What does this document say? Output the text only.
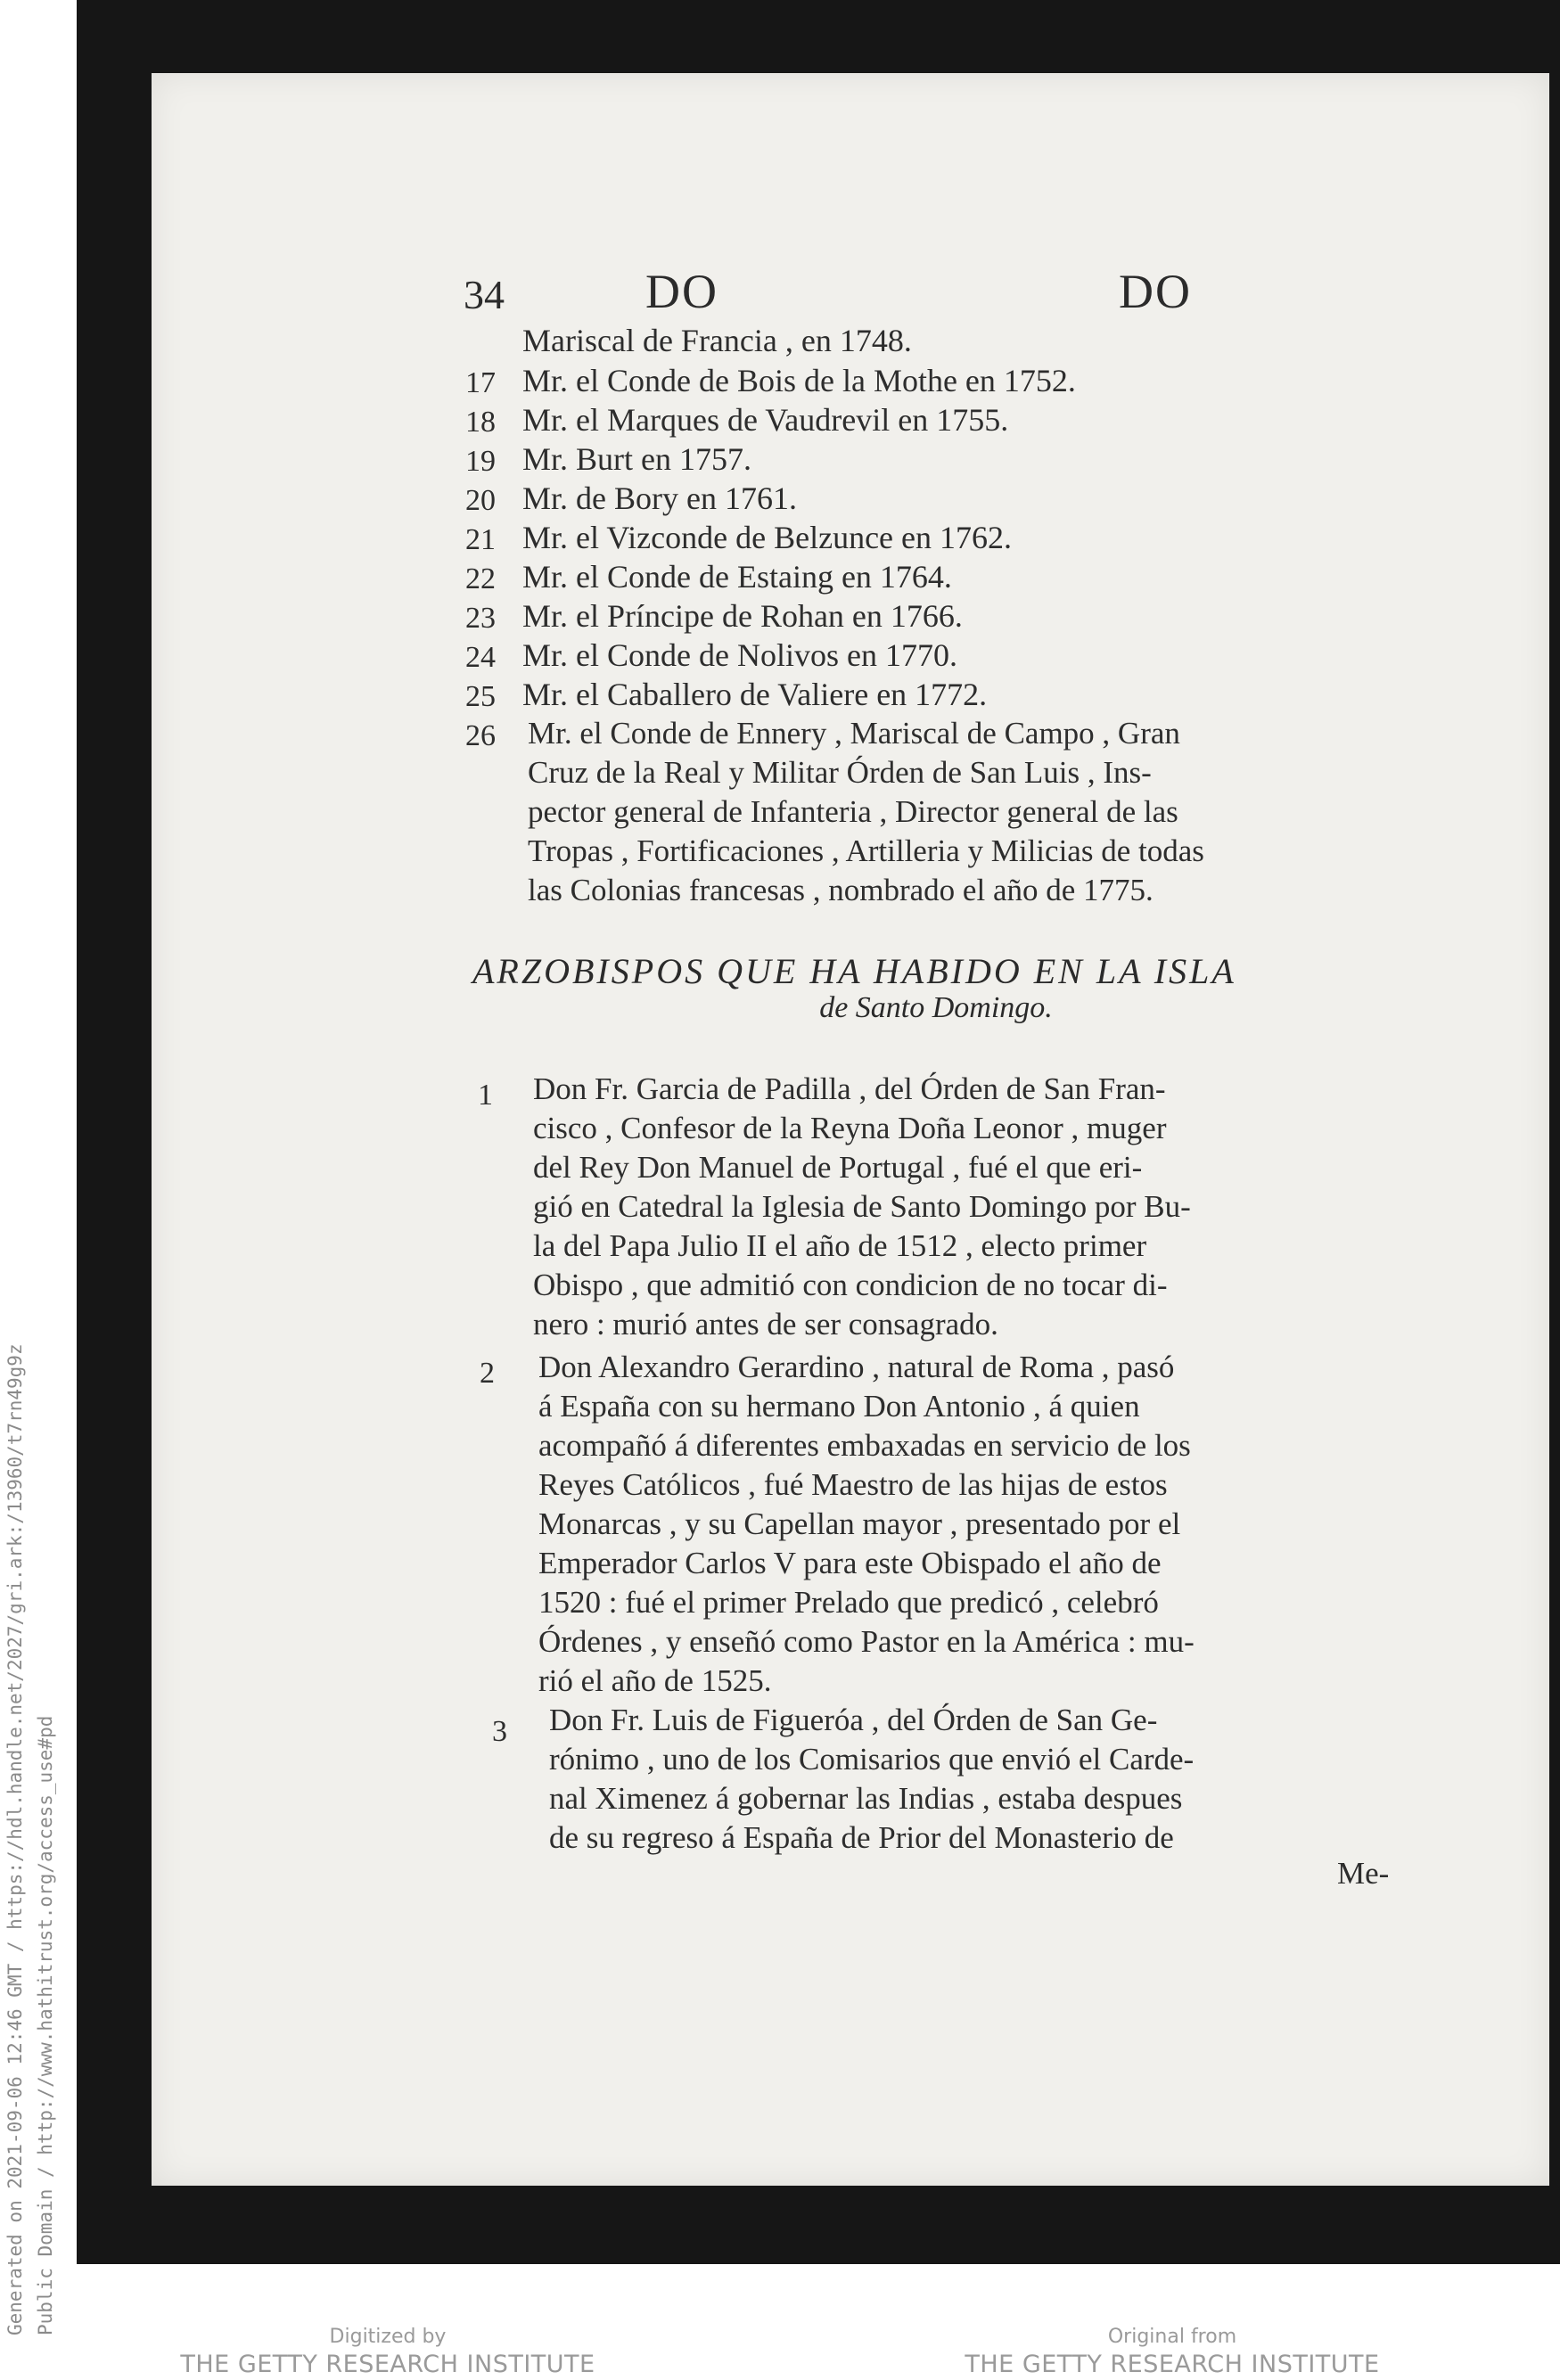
34	DO	DO
17
Mariscal de Francia , en 1748.
Mr. el Conde de Bois de la Mothe en 1752.
18 Mr. el Marques de Vaudrevil en 1755.
19 Mr. Burt en 1757.
20 Mr. de Bory en 1761.
21 Mr. el Vizconde de Belzunce en 1762.
22 Mr. el Conde de Estaing en 1764.
23 Mr. el Príncipe de Rohan en 1766.
24 Mr. el Conde de Nolivos en 1770.
25 Mr. el Caballero de Valiere en 1772.
26 Mr. el Conde de Ennery , Mariscal de Campo , Gran
Cruz de la Real y Militar Órden de San Luis , Ins-
pector general de Infanteria , Director general de las
Tropas , Fortificaciones , Artilleria y Milicias de todas
las Colonias francesas , nombrado el año de 1775.
ARZOBISPOS QUE HA HABIDO EN LA ISLA
de Santo Domingo.
1 Don Fr. Garcia de Padilla , del Órden de San Fran-
cisco , Confesor de la Reyna Doña Leonor , muger
del Rey Don Manuel de Portugal , fué el que eri-
gió en Catedral la Iglesia de Santo Domingo por Bu-
la del Papa Julio II el año de 1512 , electo primer
Obispo , que admitió con condicion de no tocar di-
nero : murió antes de ser consagrado.
2 Don Alexandro Gerardino , natural de Roma , pasó
á España con su hermano Don Antonio , á quien
acompañó á diferentes embaxadas en servicio de los
Reyes Católicos , fué Maestro de las hijas de estos
Monarcas , y su Capellan mayor , presentado por el
Emperador Carlos V para este Obispado el año de
1520 : fué el primer Prelado que predicó , celebró
Órdenes , y enseñó como Pastor en la América : mu-
rió el año de 1525.
3 Don Fr. Luis de Figueróa , del Órden de San Ge-
rónimo , uno de los Comisarios que envió el Carde-
nal Ximenez á gobernar las Indias , estaba despues
de su regreso á España de Prior del Monasterio de
Me-
Generated on 2021-09-06 12:46 GMT / https://hdl.handle.net/2027/gri.ark:/13960/t7rn49g9z Public Domain / http://www.hathitrust.org/access_use#pd
Digitized by
THE GETTY RESEARCH INSTITUTE
Original from
THE GETTY RESEARCH INSTITUTE
